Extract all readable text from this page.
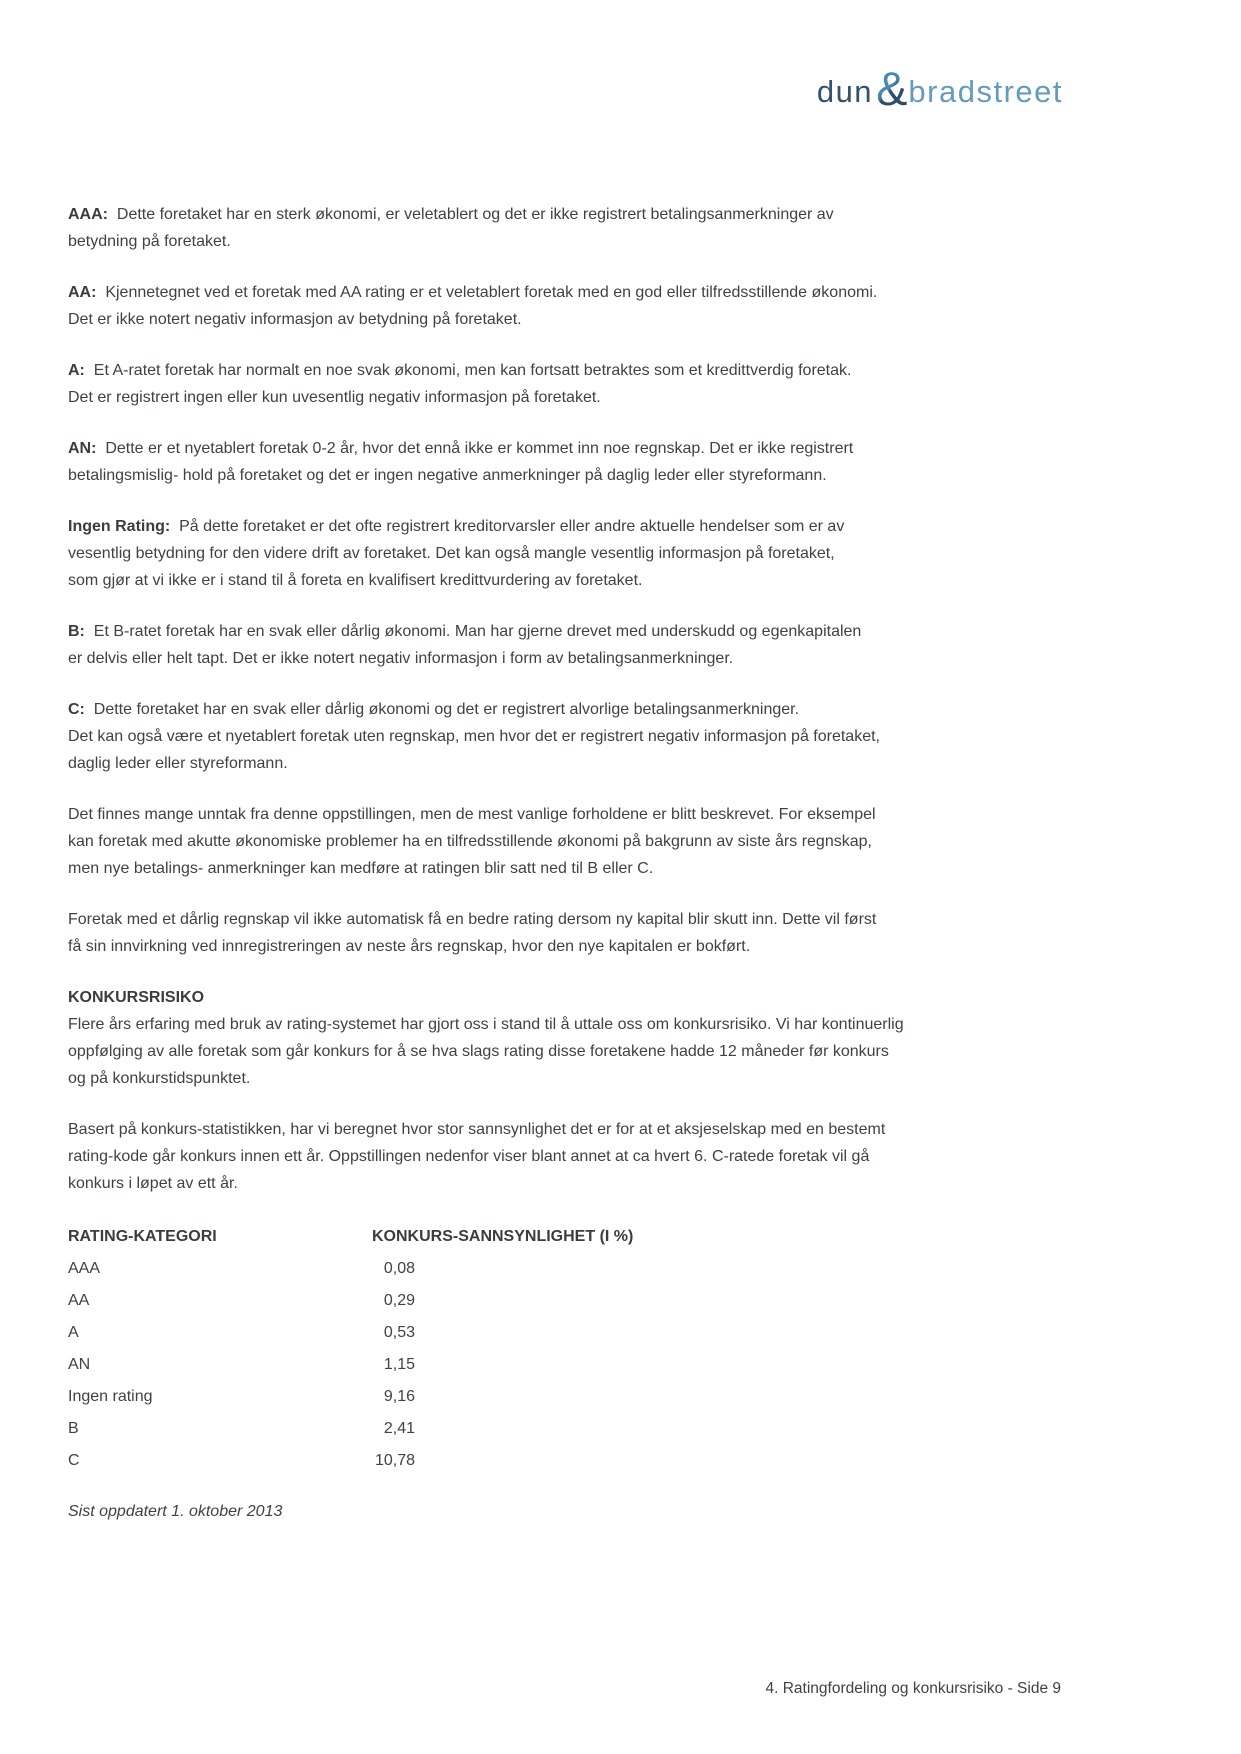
dun & bradstreet
AAA:  Dette foretaket har en sterk økonomi, er veletablert og det er ikke registrert betalingsanmerkninger av
betydning på foretaket.
AA:  Kjennetegnet ved et foretak med AA rating er et veletablert foretak med en god eller tilfredsstillende økonomi.
Det er ikke notert negativ informasjon av betydning på foretaket.
A:  Et A-ratet foretak har normalt en noe svak økonomi, men kan fortsatt betraktes som et kredittverdig foretak.
Det er registrert ingen eller kun uvesentlig negativ informasjon på foretaket.
AN:  Dette er et nyetablert foretak 0-2 år, hvor det ennå ikke er kommet inn noe regnskap. Det er ikke registrert
betalingsmislig- hold på foretaket og det er ingen negative anmerkninger på daglig leder eller styreformann.
Ingen Rating:  På dette foretaket er det ofte registrert kreditorvarsler eller andre aktuelle hendelser som er av
vesentlig betydning for den videre drift av foretaket. Det kan også mangle vesentlig informasjon på foretaket,
som gjør at vi ikke er i stand til å foreta en kvalifisert kredittvurdering av foretaket.
B:  Et B-ratet foretak har en svak eller dårlig økonomi. Man har gjerne drevet med underskudd og egenkapitalen
er delvis eller helt tapt. Det er ikke notert negativ informasjon i form av betalingsanmerkninger.
C:  Dette foretaket har en svak eller dårlig økonomi og det er registrert alvorlige betalingsanmerkninger.
Det kan også være et nyetablert foretak uten regnskap, men hvor det er registrert negativ informasjon på foretaket,
daglig leder eller styreformann.
Det finnes mange unntak fra denne oppstillingen, men de mest vanlige forholdene er blitt beskrevet. For eksempel
kan foretak med akutte økonomiske problemer ha en tilfredsstillende økonomi på bakgrunn av siste års regnskap,
men nye betalings- anmerkninger kan medføre at ratingen blir satt ned til B eller C.
Foretak med et dårlig regnskap vil ikke automatisk få en bedre rating dersom ny kapital blir skutt inn. Dette vil først
få sin innvirkning ved innregistreringen av neste års regnskap, hvor den nye kapitalen er bokført.
KONKURSRISIKO
Flere års erfaring med bruk av rating-systemet har gjort oss i stand til å uttale oss om konkursrisiko. Vi har kontinuerlig
oppfølging av alle foretak som går konkurs for å se hva slags rating disse foretakene hadde 12 måneder før konkurs
og på konkurstidspunktet.
Basert på konkurs-statistikken, har vi beregnet hvor stor sannsynlighet det er for at et aksjeselskap med en bestemt
rating-kode går konkurs innen ett år. Oppstillingen nedenfor viser blant annet at ca hvert 6. C-ratede foretak vil gå
konkurs i løpet av ett år.
RATING-KATEGORI	KONKURS-SANNSYNLIGHET (I %)
AAA	0,08
AA	0,29
A	0,53
AN	1,15
Ingen rating	9,16
B	2,41
C	10,78
Sist oppdatert 1. oktober 2013
4. Ratingfordeling og konkursrisiko - Side 9
